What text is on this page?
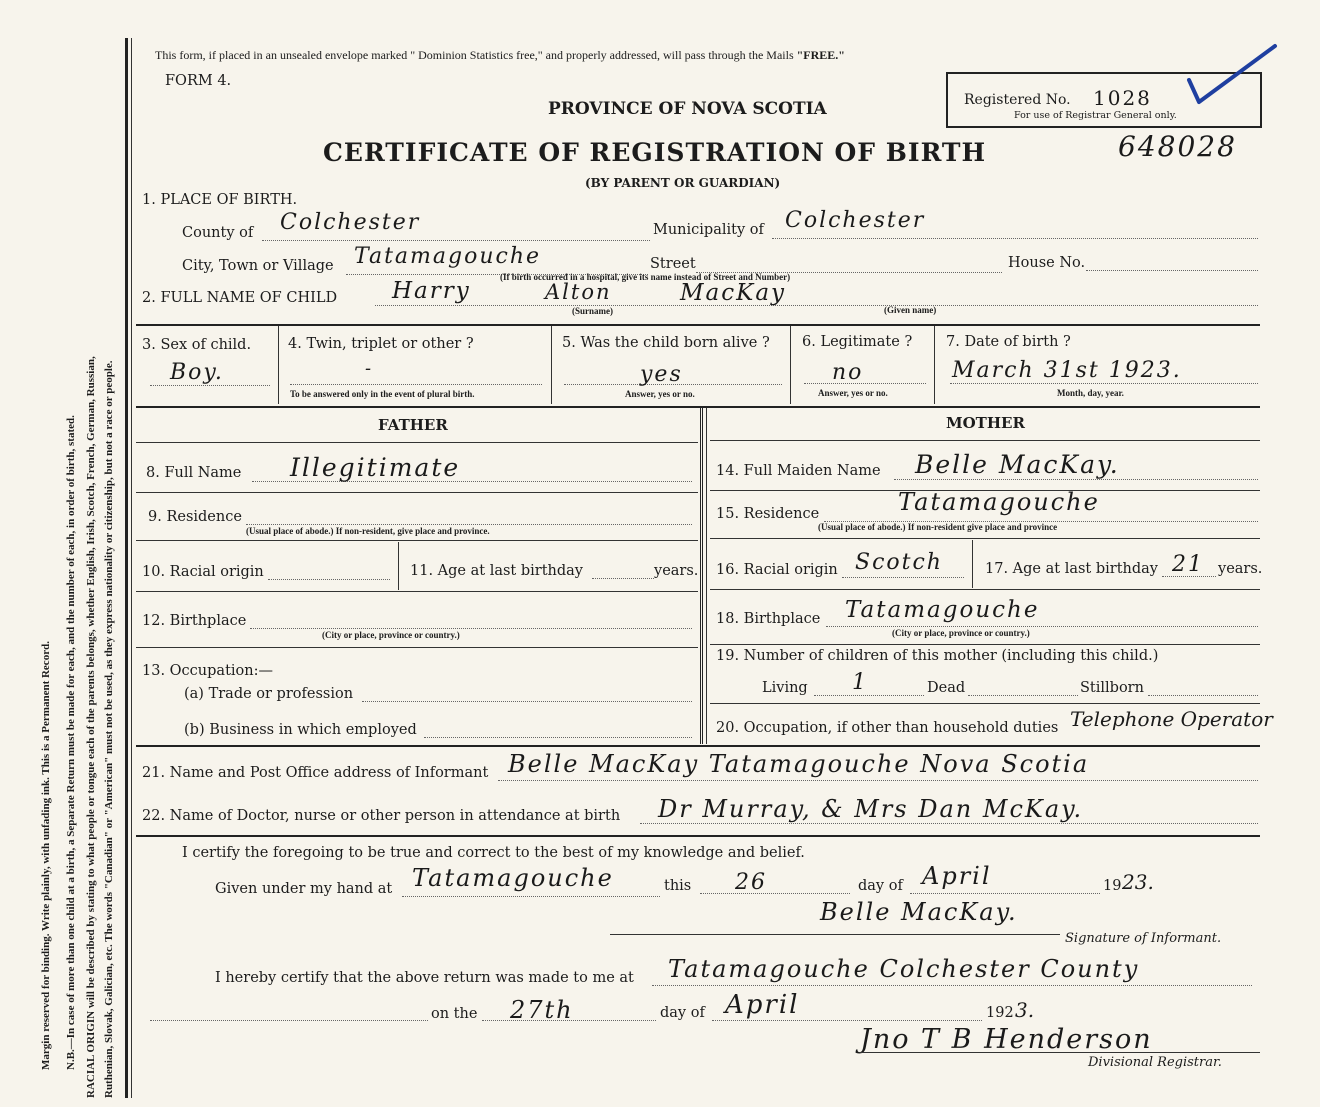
Margin reserved for binding. Write plainly, with unfading ink. This is a Permanent Record. N.B.—In case of more than one child at a birth, a Separate Return must be made for each, and the number of each, in order of birth, stated. RACIAL ORIGIN will be described by stating to what people or tongue each of the parents belongs, whether English, Irish, Scotch, French, German, Russian, Ruthenian, Slovak, Galician, etc. The words "Canadian" or "American" must not be used, as they express nationality or citizenship, but not a race or people.
This form, if placed in an unsealed envelope marked " Dominion Statistics free," and properly addressed, will pass through the Mails "FREE."
FORM 4.
PROVINCE OF NOVA SCOTIA
CERTIFICATE OF REGISTRATION OF BIRTH
(BY PARENT OR GUARDIAN)
Registered No. 1028
For use of Registrar General only.
648028
1. PLACE OF BIRTH.
County of Colchester	Municipality of Colchester
City, Town or Village Tatamagouche	Street	House No.
(If birth occurred in a hospital, give its name instead of Street and Number)
2. FULL NAME OF CHILD Harry	Alton	MacKay
(Surname)	(Given name)
3. Sex of child.
Boy.
4. Twin, triplet or other ?
-
To be answered only in the event of plural birth.
5. Was the child born alive ?
yes
Answer, yes or no.
6. Legitimate ?
no
Answer, yes or no.
7. Date of birth ?
March 31st 1923.
Month, day, year.
FATHER	MOTHER
8. Full Name Illegitimate
9. Residence
(Usual place of abode.) If non-resident, give place and province.
10. Racial origin	11. Age at last birthday	years.
12. Birthplace
(City or place, province or country.)
13. Occupation:—
(a) Trade or profession
(b) Business in which employed
14. Full Maiden Name Belle MacKay.
15. Residence	Tatamagouche
(Usual place of abode.) If non-resident give place and province
16. Racial origin Scotch	17. Age at last birthday 21 years.
18. Birthplace Tatamagouche
(City or place, province or country.)
19. Number of children of this mother (including this child.)
Living 1	Dead	Stillborn
20. Occupation, if other than household duties Telephone Operator
21. Name and Post Office address of Informant Belle MacKay Tatamagouche Nova Scotia
22. Name of Doctor, nurse or other person in attendance at birth Dr Murray, & Mrs Dan McKay.
I certify the foregoing to be true and correct to the best of my knowledge and belief.
Given under my hand at Tatamagouche	this 26	day of April	19 23.
Belle MacKay.
Signature of Informant.
I hereby certify that the above return was made to me at Tatamagouche Colchester County
on the 27th	day of April	192 3.
Jno T B Henderson
Divisional Registrar.
